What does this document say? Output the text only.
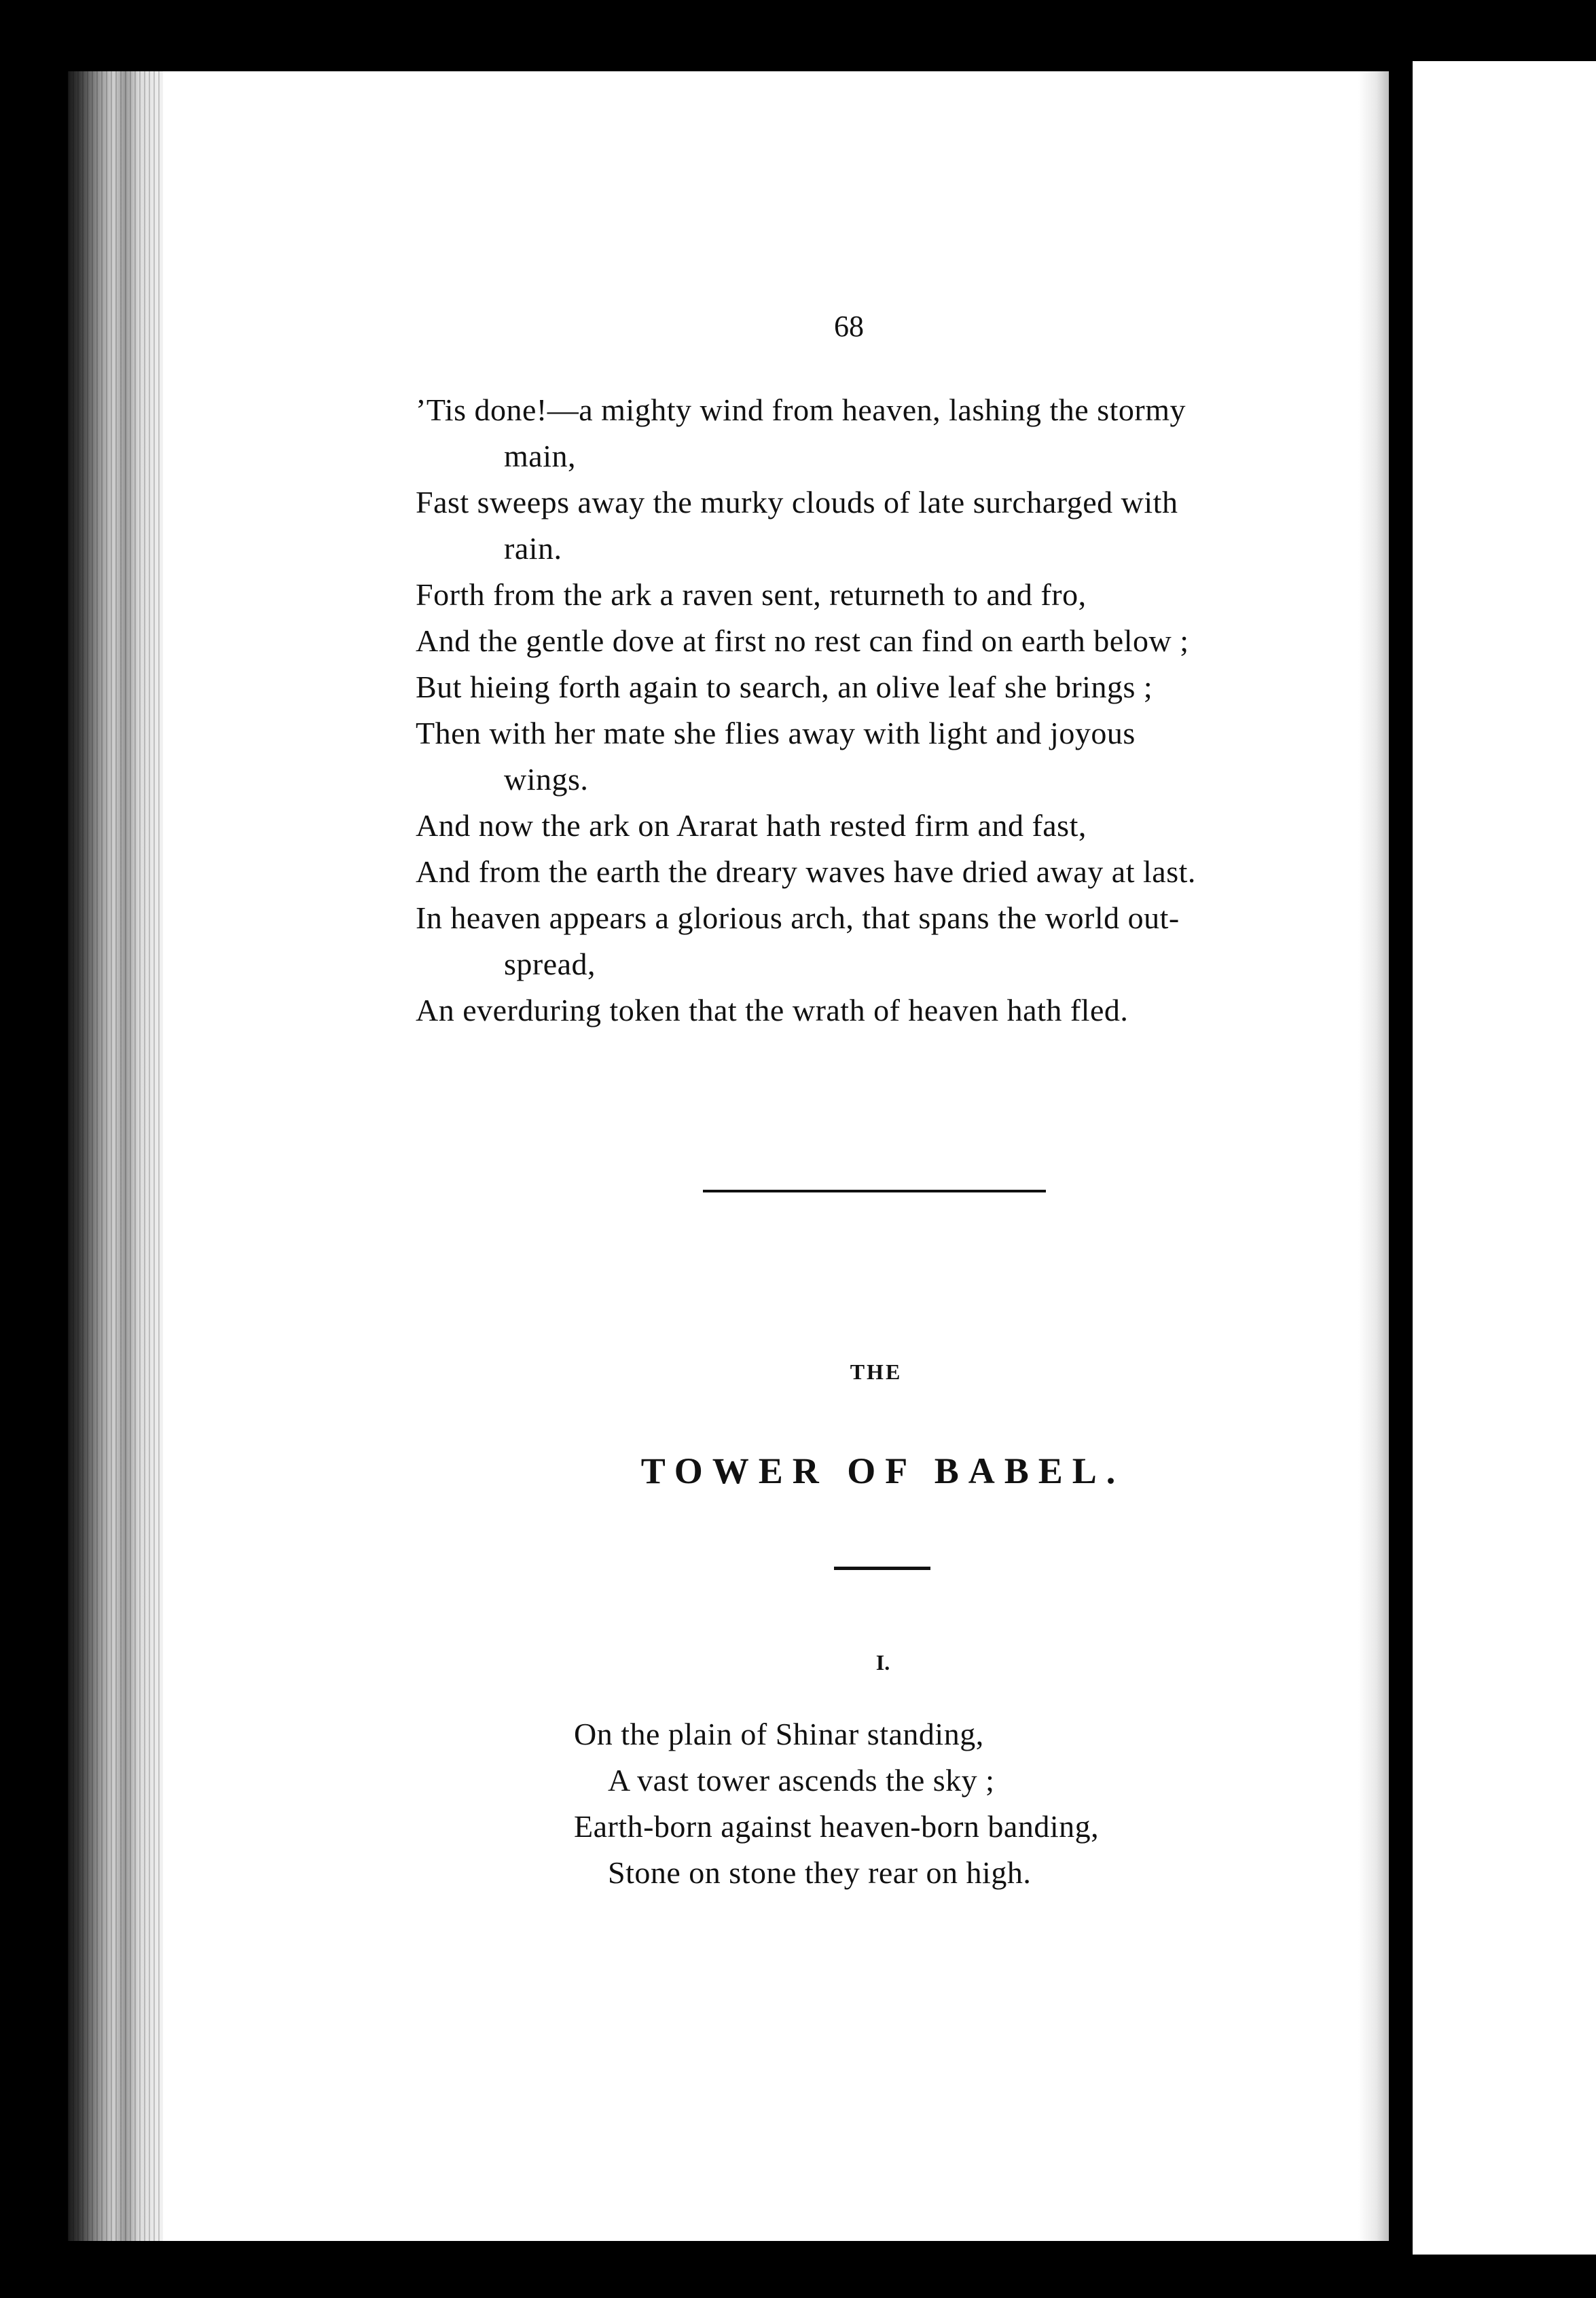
68
’Tis done!—a mighty wind from heaven, lashing the stormy
main,
Fast sweeps away the murky clouds of late surcharged with
rain.
Forth from the ark a raven sent, returneth to and fro,
And the gentle dove at first no rest can find on earth below ;
But hieing forth again to search, an olive leaf she brings ;
Then with her mate she flies away with light and joyous
wings.
And now the ark on Ararat hath rested firm and fast,
And from the earth the dreary waves have dried away at last.
In heaven appears a glorious arch, that spans the world out-
spread,
An everduring token that the wrath of heaven hath fled.
THE
TOWER OF BABEL.
I.
On the plain of Shinar standing,
A vast tower ascends the sky ;
Earth-born against heaven-born banding,
Stone on stone they rear on high.
